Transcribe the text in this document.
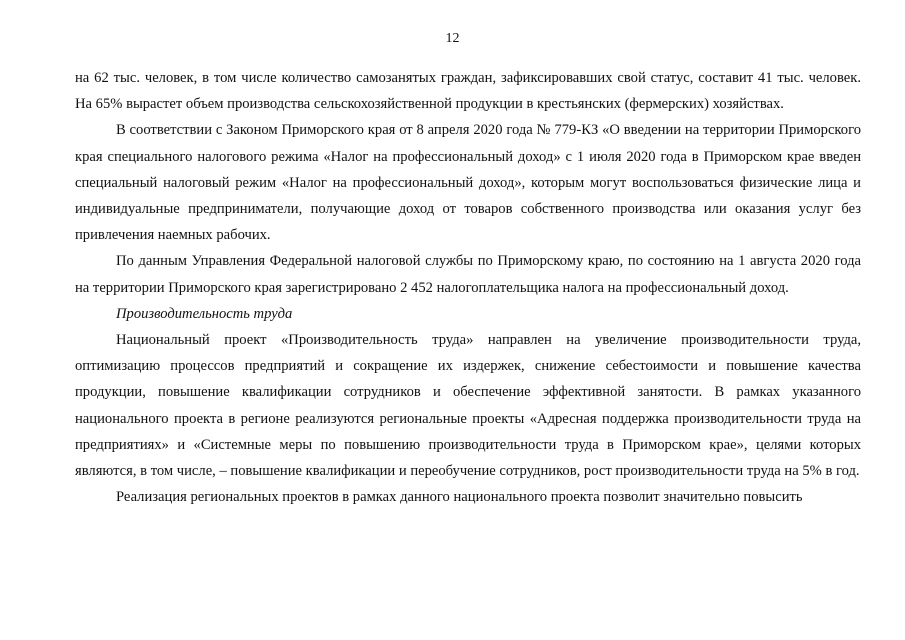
12

на 62 тыс. человек, в том числе количество самозанятых граждан, зафиксировавших свой статус, составит 41 тыс. человек. На 65% вырастет объем производства сельскохозяйственной продукции в крестьянских (фермерских) хозяйствах.

В соответствии с Законом Приморского края от 8 апреля 2020 года № 779-КЗ «О введении на территории Приморского края специального налогового режима «Налог на профессиональный доход» с 1 июля 2020 года в Приморском крае введен специальный налоговый режим «Налог на профессиональный доход», которым могут воспользоваться физические лица и индивидуальные предприниматели, получающие доход от товаров собственного производства или оказания услуг без привлечения наемных рабочих.

По данным Управления Федеральной налоговой службы по Приморскому краю, по состоянию на 1 августа 2020 года на территории Приморского края зарегистрировано 2 452 налогоплательщика налога на профессиональный доход.

Производительность труда

Национальный проект «Производительность труда» направлен на увеличение производительности труда, оптимизацию процессов предприятий и сокращение их издержек, снижение себестоимости и повышение качества продукции, повышение квалификации сотрудников и обеспечение эффективной занятости. В рамках указанного национального проекта в регионе реализуются региональные проекты «Адресная поддержка производительности труда на предприятиях» и «Системные меры по повышению производительности труда в Приморском крае», целями которых являются, в том числе, – повышение квалификации и переобучение сотрудников, рост производительности труда на 5% в год.

Реализация региональных проектов в рамках данного национального проекта позволит значительно повысить
